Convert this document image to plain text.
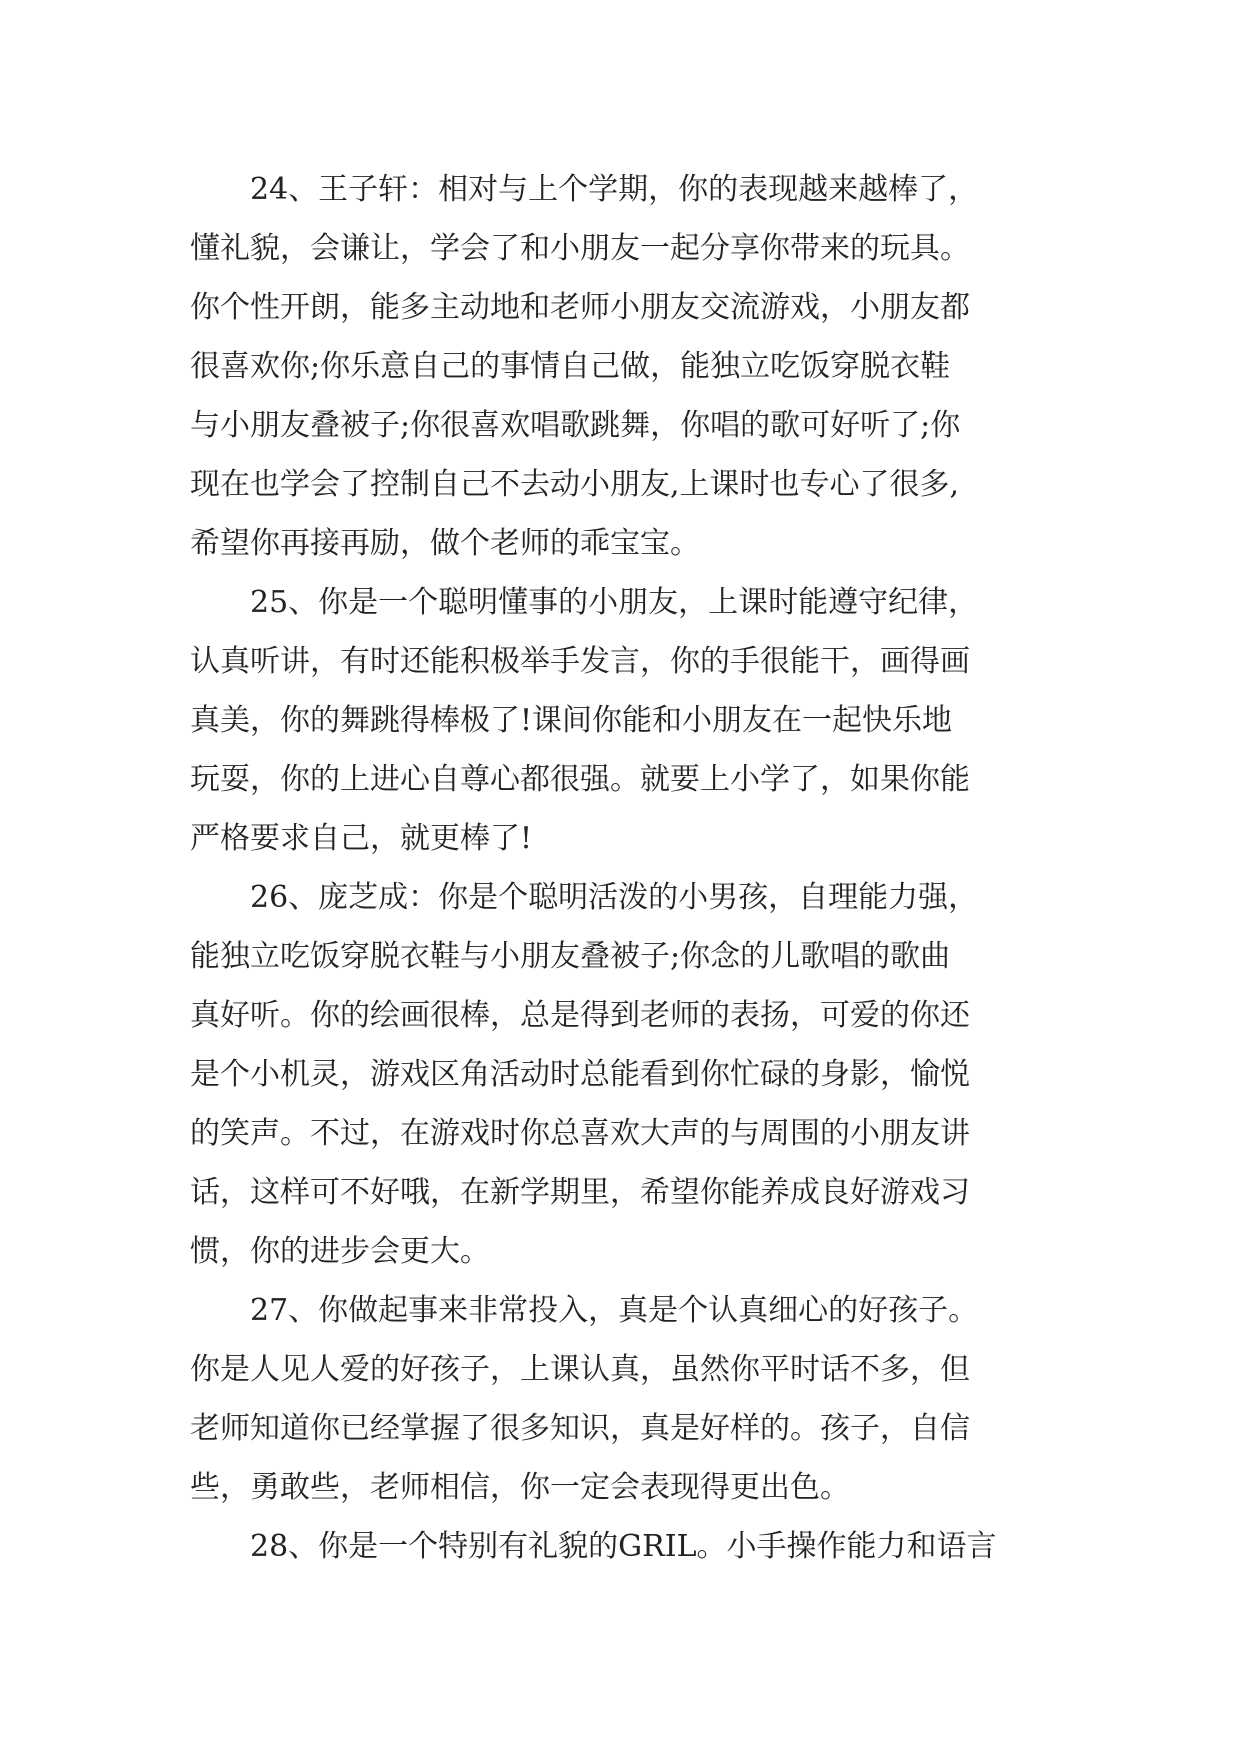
24、王子轩：相对与上个学期，你的表现越来越棒了，
懂礼貌，会谦让，学会了和小朋友一起分享你带来的玩具。
你个性开朗，能多主动地和老师小朋友交流游戏，小朋友都
很喜欢你;你乐意自己的事情自己做，能独立吃饭穿脱衣鞋
与小朋友叠被子;你很喜欢唱歌跳舞，你唱的歌可好听了;你
现在也学会了控制自己不去动小朋友,上课时也专心了很多,
希望你再接再励，做个老师的乖宝宝。
25、你是一个聪明懂事的小朋友，上课时能遵守纪律，
认真听讲，有时还能积极举手发言，你的手很能干，画得画
真美，你的舞跳得棒极了!课间你能和小朋友在一起快乐地
玩耍，你的上进心自尊心都很强。就要上小学了，如果你能
严格要求自己，就更棒了!
26、庞芝成：你是个聪明活泼的小男孩，自理能力强，
能独立吃饭穿脱衣鞋与小朋友叠被子;你念的儿歌唱的歌曲
真好听。你的绘画很棒，总是得到老师的表扬，可爱的你还
是个小机灵，游戏区角活动时总能看到你忙碌的身影，愉悦
的笑声。不过，在游戏时你总喜欢大声的与周围的小朋友讲
话，这样可不好哦，在新学期里，希望你能养成良好游戏习
惯，你的进步会更大。
27、你做起事来非常投入，真是个认真细心的好孩子。
你是人见人爱的好孩子，上课认真，虽然你平时话不多，但
老师知道你已经掌握了很多知识，真是好样的。孩子，自信
些，勇敢些，老师相信，你一定会表现得更出色。
28、你是一个特别有礼貌的GRIL。小手操作能力和语言
